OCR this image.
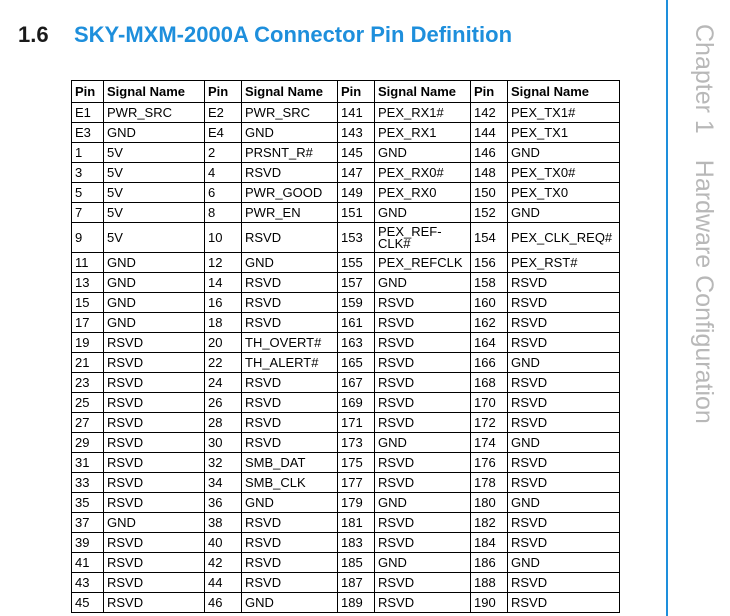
1.6	SKY-MXM-2000A Connector Pin Definition	Chapter 1Hardware Configuration
Pin	Signal Name	Pin	Signal Name	Pin	Signal Name	Pin	Signal Name
E1	PWR_SRC	E2	PWR_SRC	141	PEX_RX1#	142	PEX_TX1#
E3	GND	E4	GND	143	PEX_RX1	144	PEX_TX1
1	5V	2	PRSNT_R#	145	GND	146	GND
3	5V	4	RSVD	147	PEX_RX0#	148	PEX_TX0#
5	5V	6	PWR_GOOD	149	PEX_RX0	150	PEX_TX0
7	5V	8	PWR_EN	151	GND	152	GND
9	5V	10	RSVD	153	PEX_REF-CLK#	154	PEX_CLK_REQ#
11	GND	12	GND	155	PEX_REFCLK	156	PEX_RST#
13	GND	14	RSVD	157	GND	158	RSVD
15	GND	16	RSVD	159	RSVD	160	RSVD
17	GND	18	RSVD	161	RSVD	162	RSVD
19	RSVD	20	TH_OVERT#	163	RSVD	164	RSVD
21	RSVD	22	TH_ALERT#	165	RSVD	166	GND
23	RSVD	24	RSVD	167	RSVD	168	RSVD
25	RSVD	26	RSVD	169	RSVD	170	RSVD
27	RSVD	28	RSVD	171	RSVD	172	RSVD
29	RSVD	30	RSVD	173	GND	174	GND
31	RSVD	32	SMB_DAT	175	RSVD	176	RSVD
33	RSVD	34	SMB_CLK	177	RSVD	178	RSVD
35	RSVD	36	GND	179	GND	180	GND
37	GND	38	RSVD	181	RSVD	182	RSVD
39	RSVD	40	RSVD	183	RSVD	184	RSVD
41	RSVD	42	RSVD	185	GND	186	GND
43	RSVD	44	RSVD	187	RSVD	188	RSVD
45	RSVD	46	GND	189	RSVD	190	RSVD
